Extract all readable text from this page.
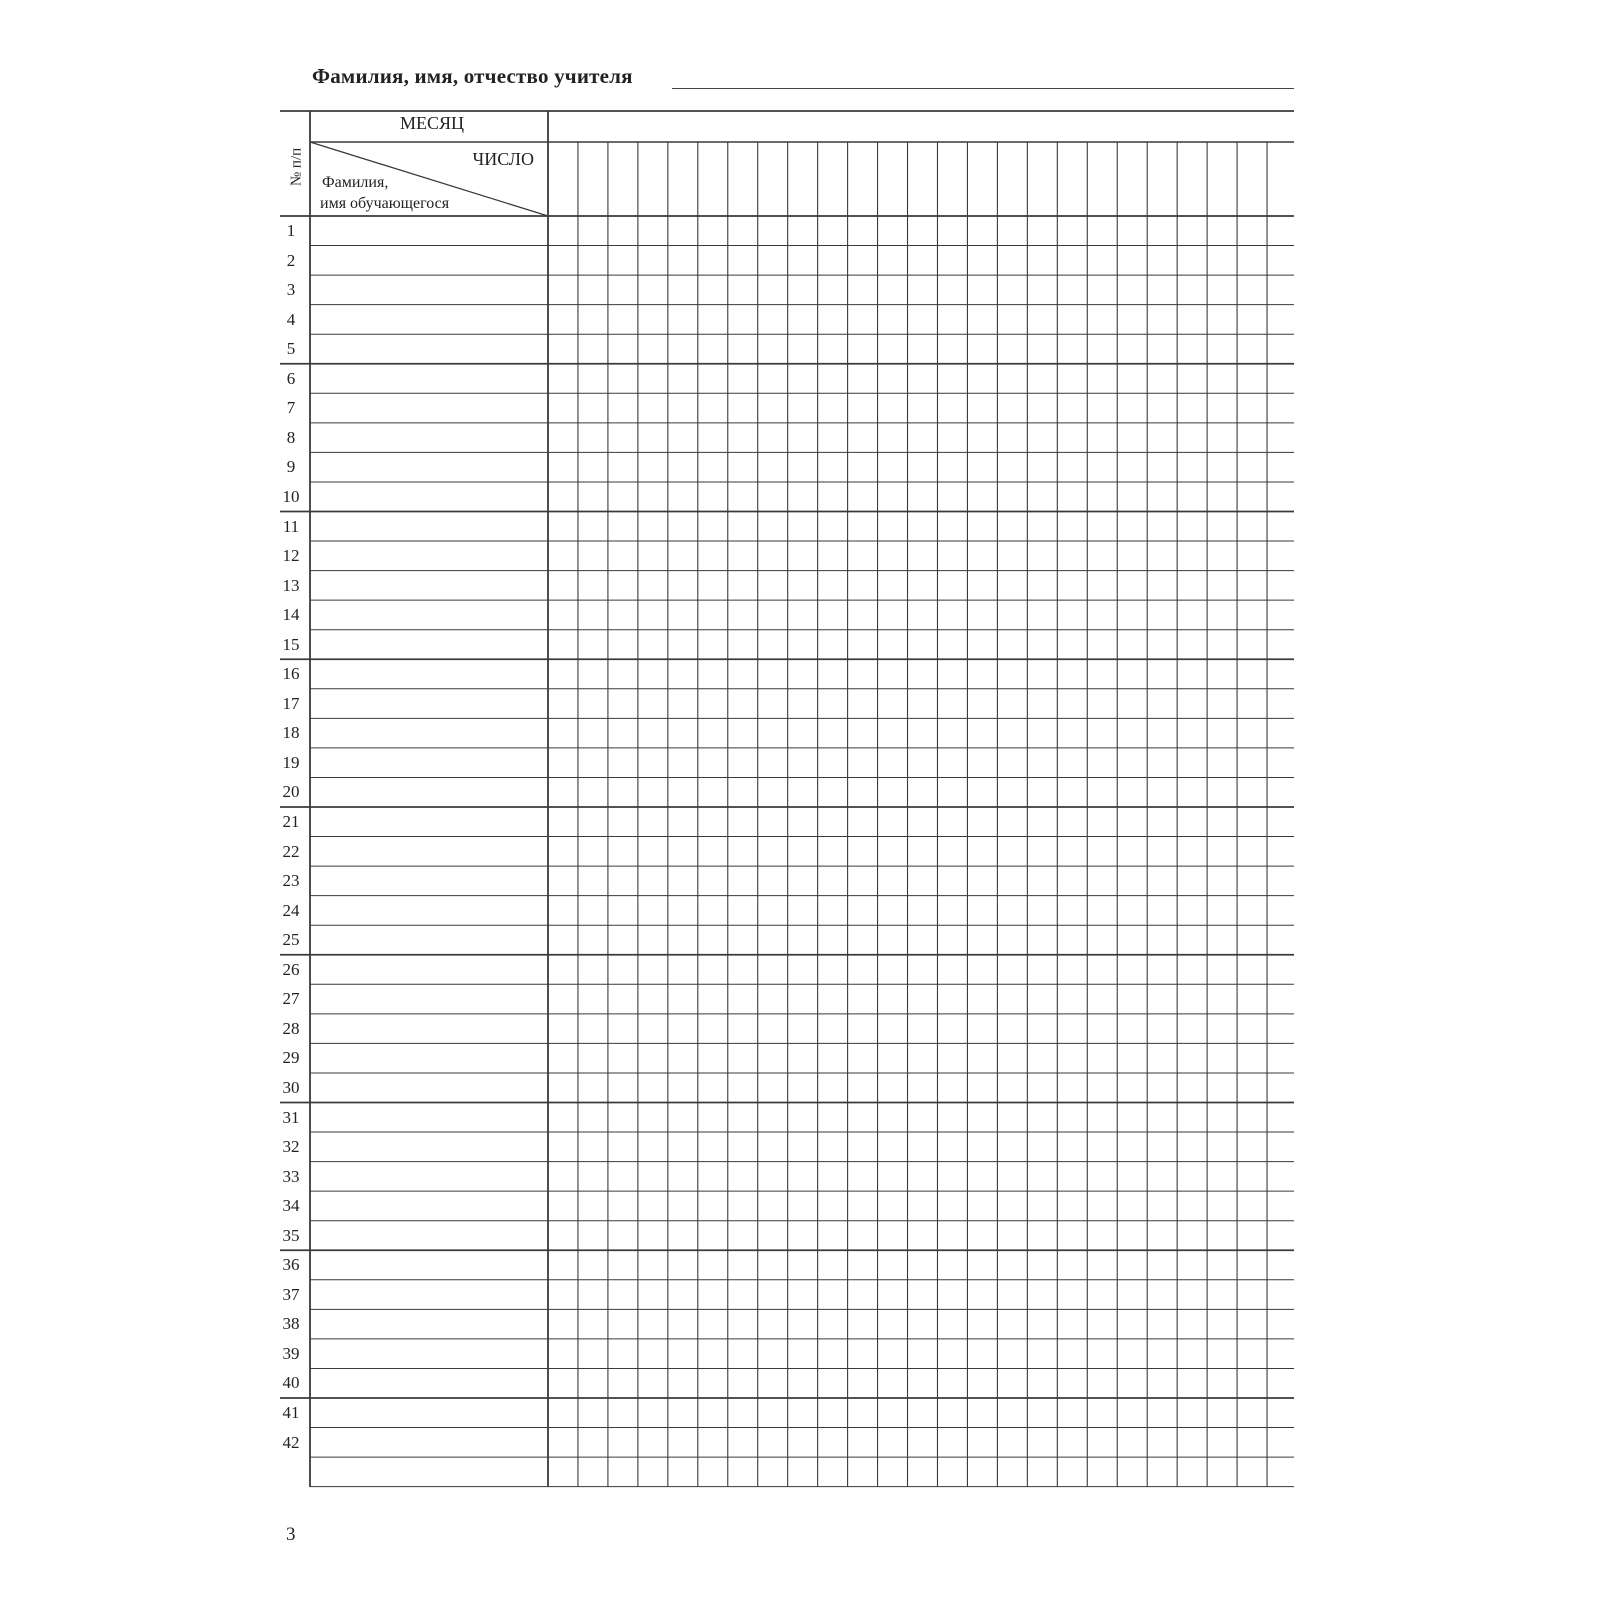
Фамилия, имя, отчество учителя
МЕСЯЦ
ЧИСЛО
Фамилия,
имя обучающегося
№ п/п
1
2
3
4
5
6
7
8
9
10
11
12
13
14
15
16
17
18
19
20
21
22
23
24
25
26
27
28
29
30
31
32
33
34
35
36
37
38
39
40
41
42
3
